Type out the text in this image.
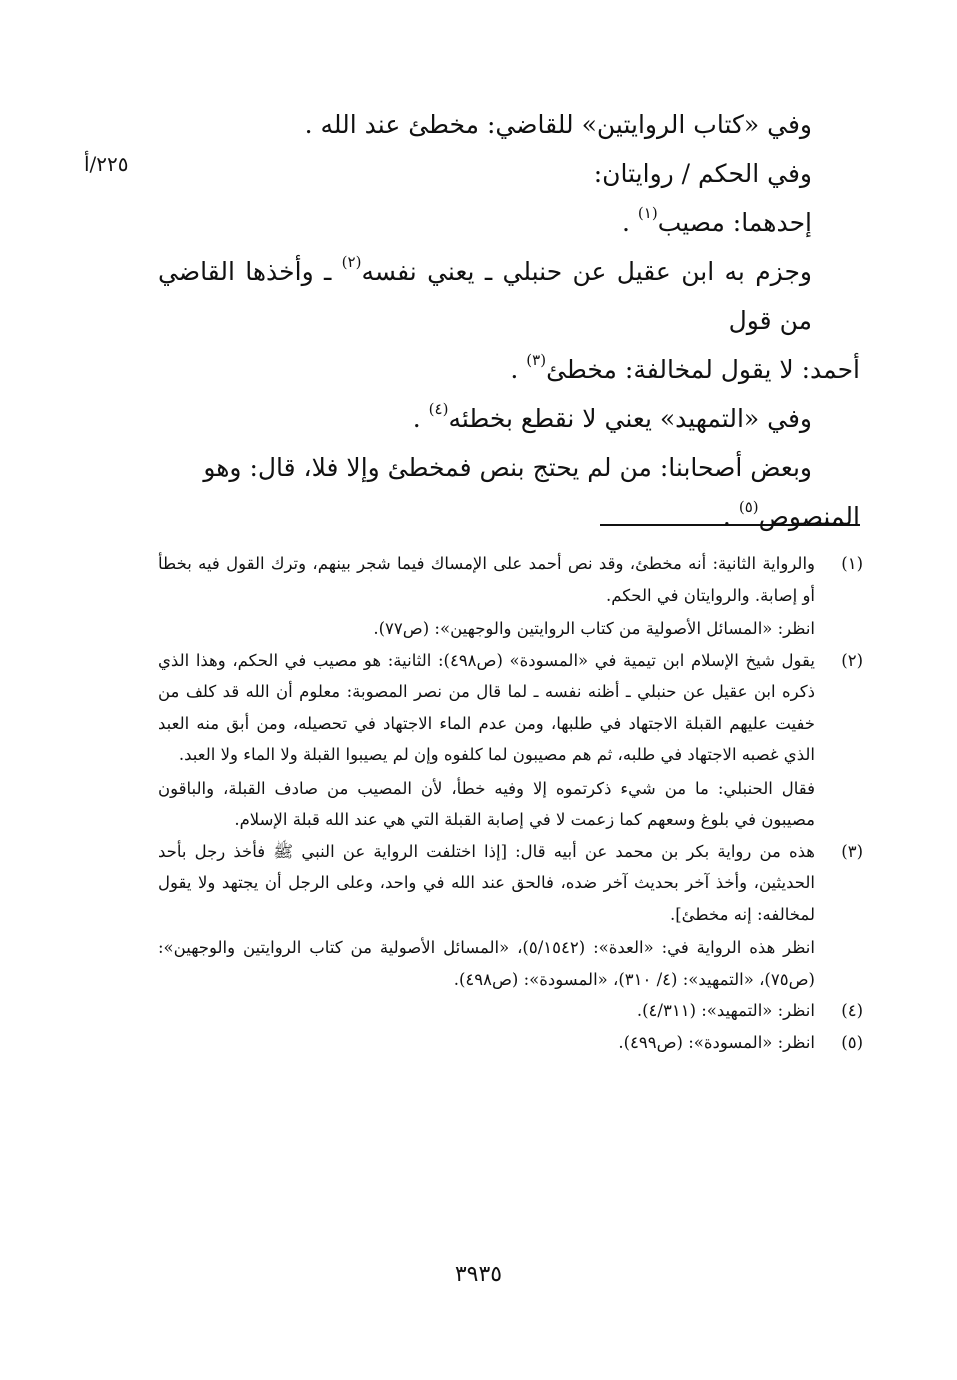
٢٢٥/أ
وفي «كتاب الروايتين» للقاضي: مخطئ عند الله .
وفي الحكم / روايتان:
إحدهما: مصيب$^{(١)}$ .
وجزم به ابن عقيل عن حنبلي ـ يعني نفسه$^{(٢)}$ ـ وأخذها القاضي من قول
أحمد: لا يقول لمخالفة: مخطئ$^{(٣)}$ .
وفي «التمهيد» يعني لا نقطع بخطئه$^{(٤)}$ .
وبعض أصحابنا: من لم يحتج بنص فمخطئ وإلا فلا، قال: وهو
المنصوص$^{(٥)}$ .
(١)

والرواية الثانية: أنه مخطئ، وقد نص أحمد على الإمساك فيما شجر بينهم، وترك القول فيه بخطأ أو إصابة. والروايتان في الحكم.

انظر: «المسائل الأصولية من كتاب الروايتين والوجهين»: (ص٧٧).

(٢)

يقول شيخ الإسلام ابن تيمية في «المسودة» (ص٤٩٨): الثانية: هو مصيب في الحكم، وهذا الذي ذكره ابن عقيل عن حنبلي ـ أظنه نفسه ـ لما قال من نصر المصوبة: معلوم أن الله قد كلف من خفيت عليهم القبلة الاجتهاد في طلبها، ومن عدم الماء الاجتهاد في تحصيله، ومن أبق منه العبد الذي غصبه الاجتهاد في طلبه، ثم هم مصيبون لما كلفوه وإن لم يصيبوا القبلة ولا الماء ولا العبد.

فقال الحنبلي: ما من شيء ذكرتموه إلا وفيه خطأ، لأن المصيب من صادف القبلة، والباقون مصيبون في بلوغ وسعهم كما زعمت لا في إصابة القبلة التي هي عند الله قبلة الإسلام.

(٣)

هذه من رواية بكر بن محمد عن أبيه قال: [إذا اختلفت الرواية عن النبي ﷺ فأخذ رجل بأحد الحديثين، وأخذ آخر بحديث آخر ضده، فالحق عند الله في واحد، وعلى الرجل أن يجتهد ولا يقول لمخالفه: إنه مخطئ].

انظر هذه الرواية في: «العدة»: (٥/١٥٤٢)، «المسائل الأصولية من كتاب الروايتين والوجهين»: (ص٧٥)، «التمهيد»: (٤/ ٣١٠)، «المسودة»: (ص٤٩٨).

(٤)

انظر: «التمهيد»: (٤/٣١١).

(٥)

انظر: «المسودة»: (ص٤٩٩).

٣٩٣٥
